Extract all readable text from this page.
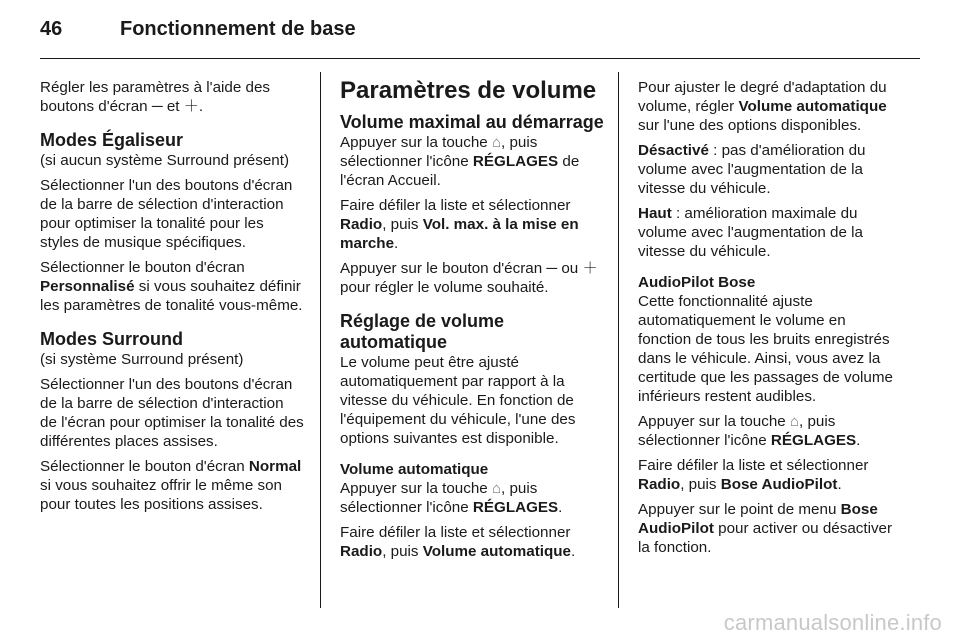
46	Fonctionnement de base

Régler les paramètres à l'aide des boutons d'écran ─ et ＋.

Modes Égaliseur

(si aucun système Surround présent)

Sélectionner l'un des boutons d'écran de la barre de sélection d'interaction pour optimiser la tonalité pour les styles de musique spécifiques.

Sélectionner le bouton d'écran Personnalisé si vous souhaitez définir les paramètres de tonalité vous-même.

Modes Surround

(si système Surround présent)

Sélectionner l'un des boutons d'écran de la barre de sélection d'interaction de l'écran pour optimiser la tonalité des différentes places assises.

Sélectionner le bouton d'écran Normal si vous souhaitez offrir le même son pour toutes les positions assises.

Paramètres de volume
Volume maximal au démarrage

Appuyer sur la touche ⌂, puis sélectionner l'icône RÉGLAGES de l'écran Accueil.

Faire défiler la liste et sélectionner Radio, puis Vol. max. à la mise en marche.

Appuyer sur le bouton d'écran ─ ou ＋ pour régler le volume souhaité.

Réglage de volume automatique

Le volume peut être ajusté automatiquement par rapport à la vitesse du véhicule. En fonction de l'équipement du véhicule, l'une des options suivantes est disponible.

Volume automatique

Appuyer sur la touche ⌂, puis sélectionner l'icône RÉGLAGES.

Faire défiler la liste et sélectionner Radio, puis Volume automatique.

Pour ajuster le degré d'adaptation du volume, régler Volume automatique sur l'une des options disponibles.

Désactivé : pas d'amélioration du volume avec l'augmentation de la vitesse du véhicule.

Haut : amélioration maximale du volume avec l'augmentation de la vitesse du véhicule.

AudioPilot Bose

Cette fonctionnalité ajuste automatiquement le volume en fonction de tous les bruits enregistrés dans le véhicule. Ainsi, vous avez la certitude que les passages de volume inférieurs restent audibles.

Appuyer sur la touche ⌂, puis sélectionner l'icône RÉGLAGES.

Faire défiler la liste et sélectionner Radio, puis Bose AudioPilot.

Appuyer sur le point de menu Bose AudioPilot pour activer ou désactiver la fonction.

carmanualsonline.info
